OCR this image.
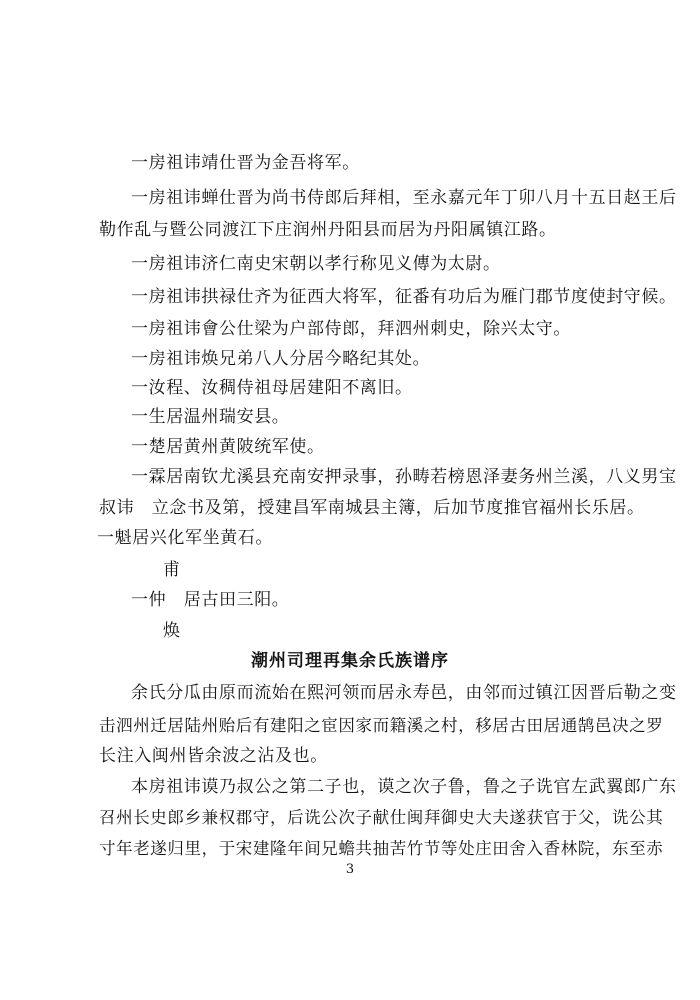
一房祖讳靖仕晋为金吾将军。
一房祖讳蝉仕晋为尚书侍郎后拜相，至永嘉元年丁卯八月十五日赵王后
勒作乱与暨公同渡江下庄润州丹阳县而居为丹阳属镇江路。
一房祖讳济仁南史宋朝以孝行称见义傳为太尉。
一房祖讳拱禄仕齐为征西大将军，征番有功后为雁门郡节度使封守候。
一房祖讳會公仕梁为户部侍郎，拜泗州刺史，除兴太守。
一房祖讳焕兄弟八人分居今略纪其处。
一汝程、汝稠侍祖母居建阳不离旧。
一生居温州瑞安县。
一楚居黄州黄陂统军使。
一霖居南钦尤溪县充南安押录事，孙畴若榜恩泽妻务州兰溪，八义男宝
叔讳　立念书及第，授建昌军南城县主簿，后加节度推官福州长乐居。
一魁居兴化军坐黄石。
甫
一仲　居古田三阳。
焕
潮州司理再集余氏族谱序
余氏分瓜由原而流始在熙河领而居永寿邑，由邻而过镇江因晋后勒之变
击泗州迁居陆州贻后有建阳之宦因家而籍溪之村，移居古田居通鹄邑决之罗
长注入闽州皆余波之沾及也。
本房祖讳谟乃叔公之第二子也，谟之次子鲁，鲁之子诜官左武翼郎广东
召州长史郎乡兼权郡守，后诜公次子献仕闽拜御史大夫遂获官于父，诜公其
寸年老遂归里，于宋建隆年间兄蟾共抽苦竹节等处庄田舍入香林院，东至赤
3
